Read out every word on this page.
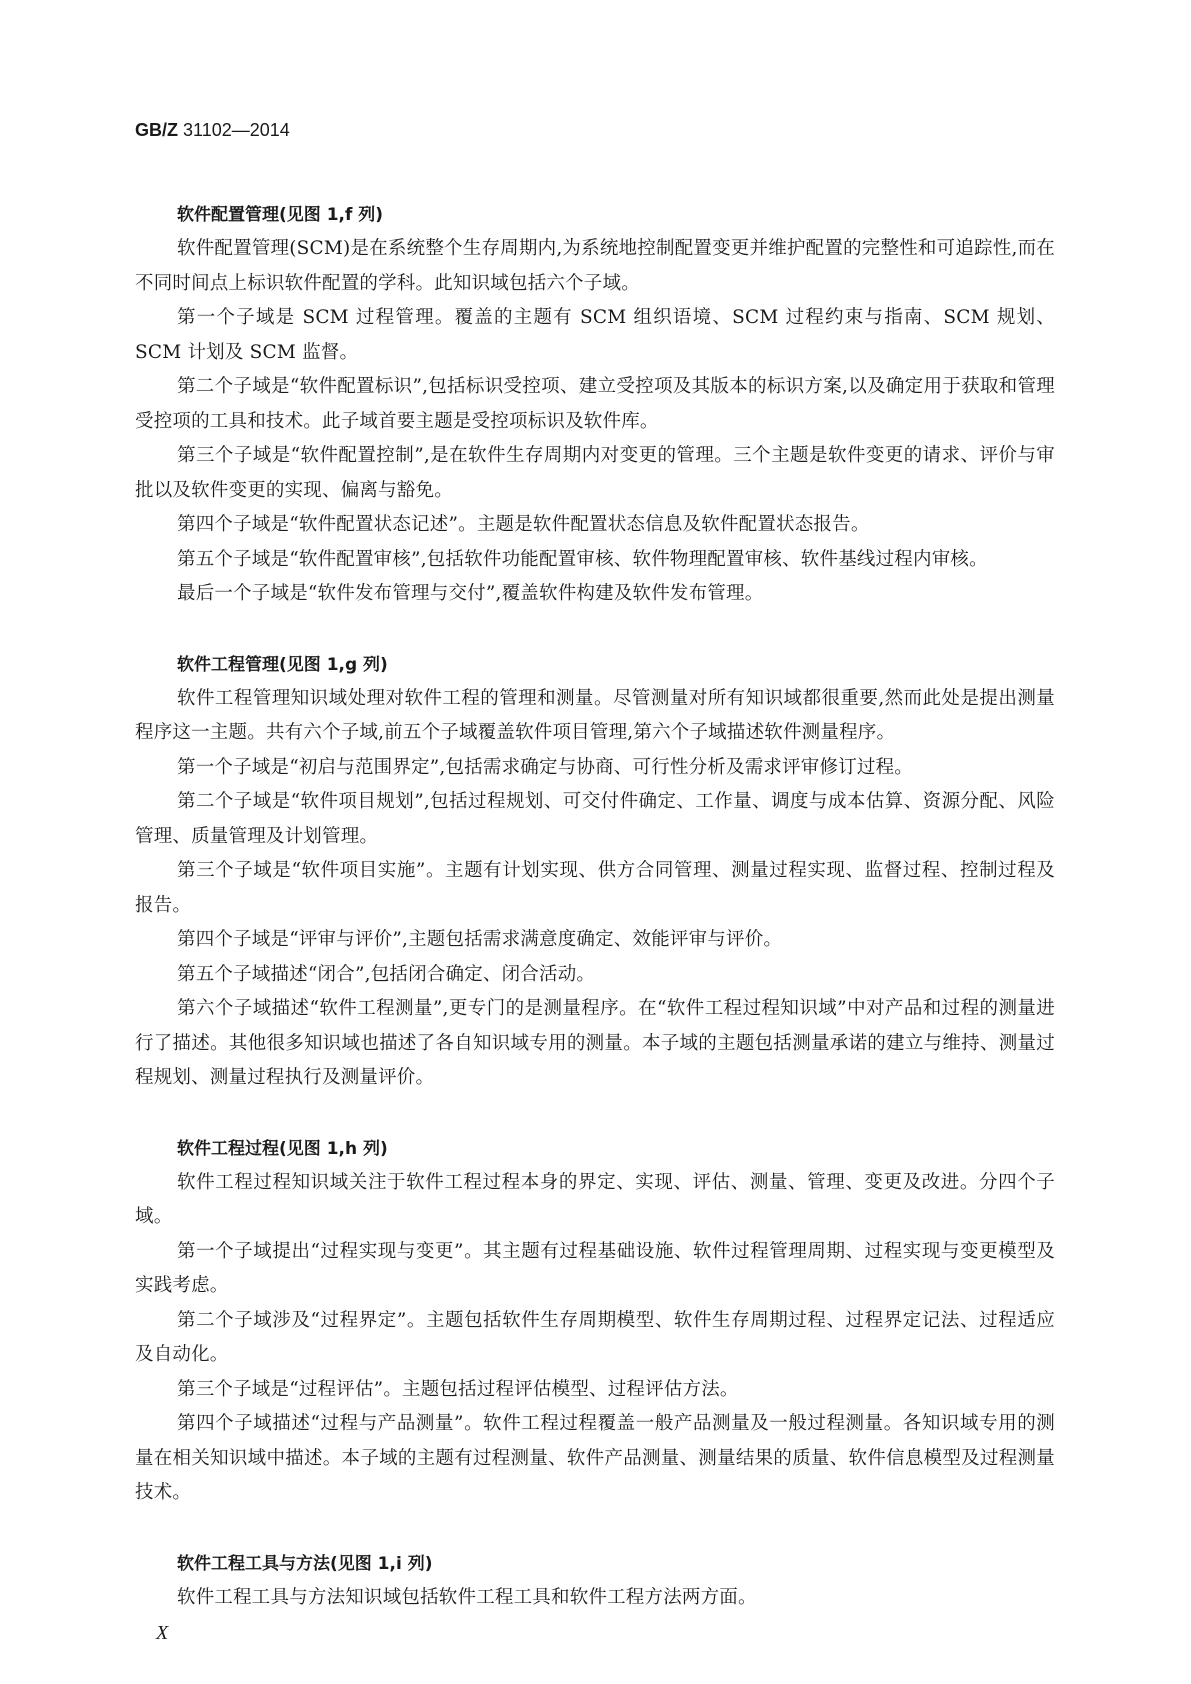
GB/Z 31102—2014
软件配置管理(见图 1,f 列)

软件配置管理(SCM)是在系统整个生存周期内,为系统地控制配置变更并维护配置的完整性和可追踪性,而在不同时间点上标识软件配置的学科。此知识域包括六个子域。

第一个子域是 SCM 过程管理。覆盖的主题有 SCM 组织语境、SCM 过程约束与指南、SCM 规划、SCM 计划及 SCM 监督。

第二个子域是“软件配置标识”,包括标识受控项、建立受控项及其版本的标识方案,以及确定用于获取和管理受控项的工具和技术。此子域首要主题是受控项标识及软件库。

第三个子域是“软件配置控制”,是在软件生存周期内对变更的管理。三个主题是软件变更的请求、评价与审批以及软件变更的实现、偏离与豁免。

第四个子域是“软件配置状态记述”。主题是软件配置状态信息及软件配置状态报告。

第五个子域是“软件配置审核”,包括软件功能配置审核、软件物理配置审核、软件基线过程内审核。

最后一个子域是“软件发布管理与交付”,覆盖软件构建及软件发布管理。

软件工程管理(见图 1,g 列)

软件工程管理知识域处理对软件工程的管理和测量。尽管测量对所有知识域都很重要,然而此处是提出测量程序这一主题。共有六个子域,前五个子域覆盖软件项目管理,第六个子域描述软件测量程序。

第一个子域是“初启与范围界定”,包括需求确定与协商、可行性分析及需求评审修订过程。

第二个子域是“软件项目规划”,包括过程规划、可交付件确定、工作量、调度与成本估算、资源分配、风险管理、质量管理及计划管理。

第三个子域是“软件项目实施”。主题有计划实现、供方合同管理、测量过程实现、监督过程、控制过程及报告。

第四个子域是“评审与评价”,主题包括需求满意度确定、效能评审与评价。

第五个子域描述“闭合”,包括闭合确定、闭合活动。

第六个子域描述“软件工程测量”,更专门的是测量程序。在“软件工程过程知识域”中对产品和过程的测量进行了描述。其他很多知识域也描述了各自知识域专用的测量。本子域的主题包括测量承诺的建立与维持、测量过程规划、测量过程执行及测量评价。

软件工程过程(见图 1,h 列)

软件工程过程知识域关注于软件工程过程本身的界定、实现、评估、测量、管理、变更及改进。分四个子域。

第一个子域提出“过程实现与变更”。其主题有过程基础设施、软件过程管理周期、过程实现与变更模型及实践考虑。

第二个子域涉及“过程界定”。主题包括软件生存周期模型、软件生存周期过程、过程界定记法、过程适应及自动化。

第三个子域是“过程评估”。主题包括过程评估模型、过程评估方法。

第四个子域描述“过程与产品测量”。软件工程过程覆盖一般产品测量及一般过程测量。各知识域专用的测量在相关知识域中描述。本子域的主题有过程测量、软件产品测量、测量结果的质量、软件信息模型及过程测量技术。

软件工程工具与方法(见图 1,i 列)

软件工程工具与方法知识域包括软件工程工具和软件工程方法两方面。

X
